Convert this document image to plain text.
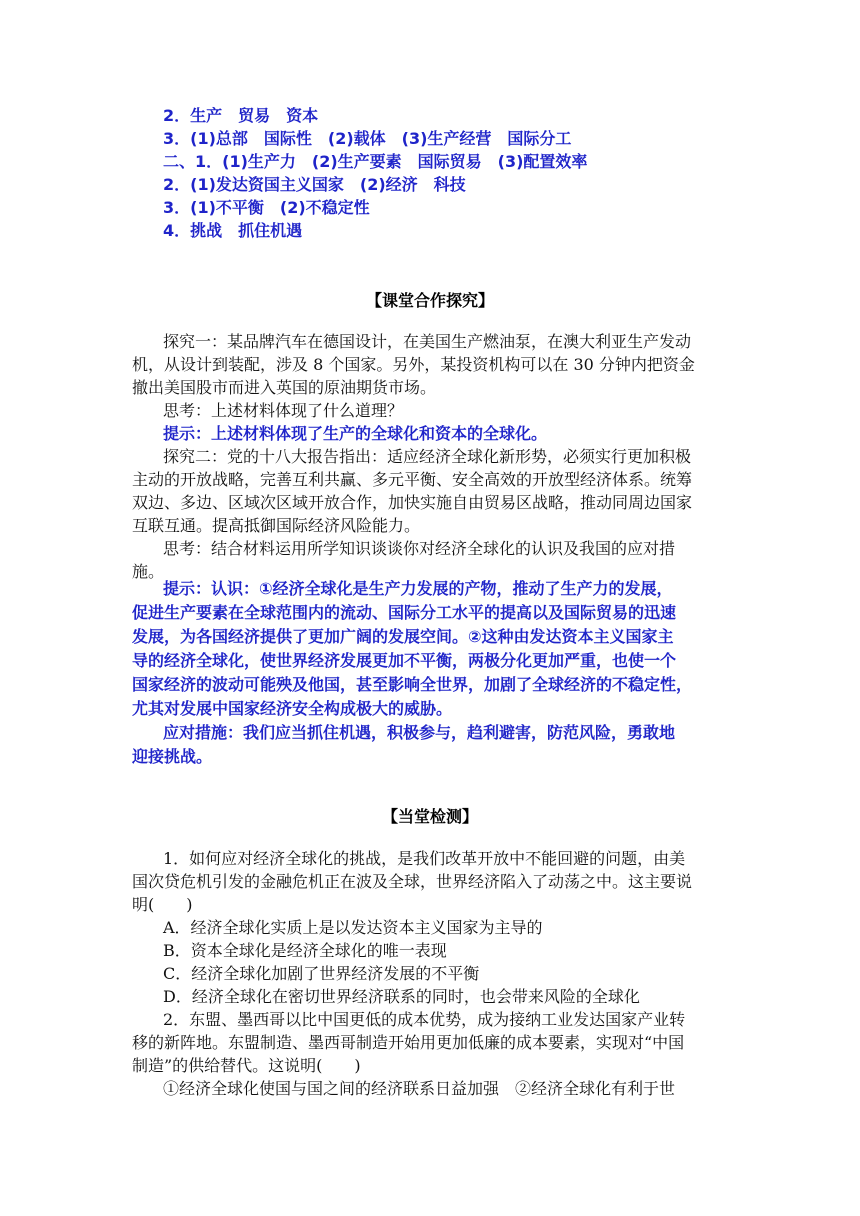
2．生产　贸易　资本
3．(1)总部　国际性　(2)载体　(3)生产经营　国际分工
二、1．(1)生产力　(2)生产要素　国际贸易　(3)配置效率
2．(1)发达资国主义国家　(2)经济　科技
3．(1)不平衡　(2)不稳定性
4．挑战　抓住机遇
【课堂合作探究】
探究一：某品牌汽车在德国设计，在美国生产燃油泵，在澳大利亚生产发动
机，从设计到装配，涉及 8 个国家。另外，某投资机构可以在 30 分钟内把资金
撤出美国股市而进入英国的原油期货市场。
思考：上述材料体现了什么道理？
提示：上述材料体现了生产的全球化和资本的全球化。
探究二：党的十八大报告指出：适应经济全球化新形势，必须实行更加积极
主动的开放战略，完善互利共赢、多元平衡、安全高效的开放型经济体系。统筹
双边、多边、区域次区域开放合作，加快实施自由贸易区战略，推动同周边国家
互联互通。提高抵御国际经济风险能力。
思考：结合材料运用所学知识谈谈你对经济全球化的认识及我国的应对措
施。
提示：认识：①经济全球化是生产力发展的产物，推动了生产力的发展，
促进生产要素在全球范围内的流动、国际分工水平的提高以及国际贸易的迅速
发展，为各国经济提供了更加广阔的发展空间。②这种由发达资本主义国家主
导的经济全球化，使世界经济发展更加不平衡，两极分化更加严重，也使一个
国家经济的波动可能殃及他国，甚至影响全世界，加剧了全球经济的不稳定性，
尤其对发展中国家经济安全构成极大的威胁。
应对措施：我们应当抓住机遇，积极参与，趋利避害，防范风险，勇敢地
迎接挑战。
【当堂检测】
1．如何应对经济全球化的挑战，是我们改革开放中不能回避的问题，由美
国次贷危机引发的金融危机正在波及全球，世界经济陷入了动荡之中。这主要说
明(　　)
A．经济全球化实质上是以发达资本主义国家为主导的
B．资本全球化是经济全球化的唯一表现
C．经济全球化加剧了世界经济发展的不平衡
D．经济全球化在密切世界经济联系的同时，也会带来风险的全球化
2．东盟、墨西哥以比中国更低的成本优势，成为接纳工业发达国家产业转
移的新阵地。东盟制造、墨西哥制造开始用更加低廉的成本要素，实现对“中国
制造”的供给替代。这说明(　　)
①经济全球化使国与国之间的经济联系日益加强　②经济全球化有利于世
